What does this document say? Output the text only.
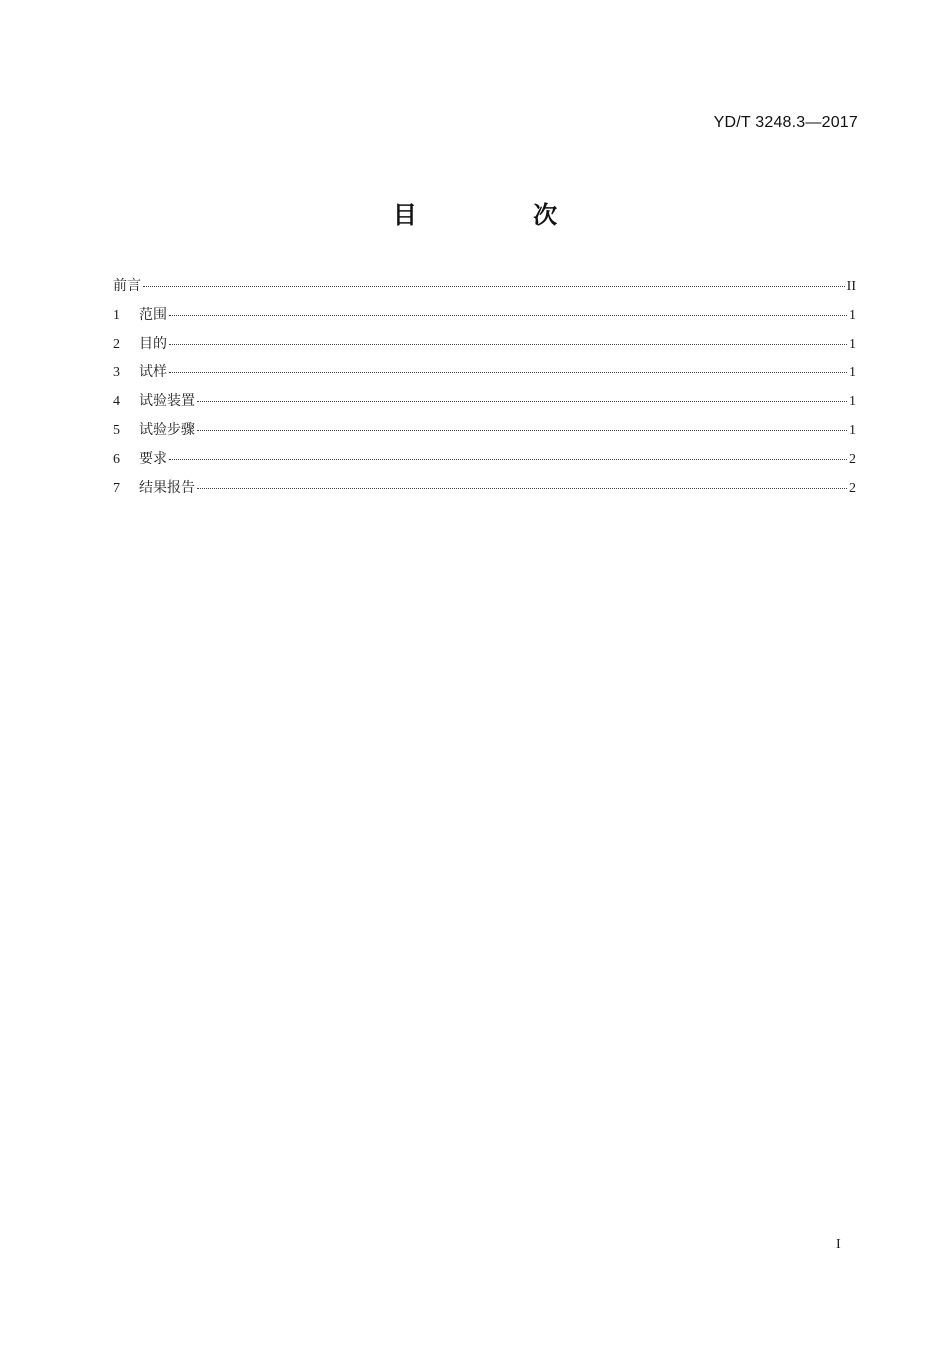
YD/T 3248.3—2017
目 次
前言	II
1	范围	1
2	目的	1
3	试样	1
4	试验装置	1
5	试验步骤	1
6	要求	2
7	结果报告	2
I
